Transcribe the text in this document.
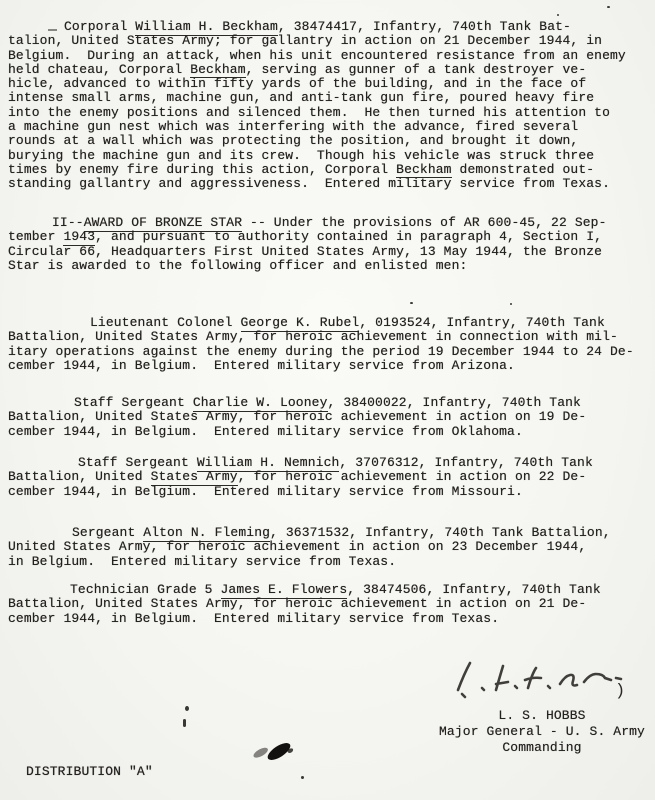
Corporal William H. Beckham, 38474417, Infantry, 740th Tank Bat-
talion, United States Army; for gallantry in action on 21 December 1944, in
Belgium.  During an attack, when his unit encountered resistance from an enemy
held chateau, Corporal Beckham, serving as gunner of a tank destroyer ve-
hicle, advanced to within fifty yards of the building, and in the face of
intense small arms, machine gun, and anti-tank gun fire, poured heavy fire
into the enemy positions and silenced them.  He then turned his attention to
a machine gun nest which was interfering with the advance, fired several
rounds at a wall which was protecting the position, and brought it down,
burying the machine gun and its crew.  Though his vehicle was struck three
times by enemy fire during this action, Corporal Beckham demonstrated out-
standing gallantry and aggressiveness.  Entered military service from Texas.
II--AWARD OF BRONZE STAR -- Under the provisions of AR 600-45, 22 Sep-
tember 1943, and pursuant to authority contained in paragraph 4, Section I,
Circular 66, Headquarters First United States Army, 13 May 1944, the Bronze
Star is awarded to the following officer and enlisted men:
Lieutenant Colonel George K. Rubel, 0193524, Infantry, 740th Tank
Battalion, United States Army, for heroic achievement in connection with mil-
itary operations against the enemy during the period 19 December 1944 to 24 De-
cember 1944, in Belgium.  Entered military service from Arizona.
Staff Sergeant Charlie W. Looney, 38400022, Infantry, 740th Tank
Battalion, United States Army, for heroic achievement in action on 19 De-
cember 1944, in Belgium.  Entered military service from Oklahoma.
Staff Sergeant William H. Nemnich, 37076312, Infantry, 740th Tank
Battalion, United States Army, for heroic achievement in action on 22 De-
cember 1944, in Belgium.  Entered military service from Missouri.
Sergeant Alton N. Fleming, 36371532, Infantry, 740th Tank Battalion,
United States Army, for heroic achievement in action on 23 December 1944,
in Belgium.  Entered military service from Texas.
Technician Grade 5 James E. Flowers, 38474506, Infantry, 740th Tank
Battalion, United States Army, for heroic achievement in action on 21 De-
cember 1944, in Belgium.  Entered military service from Texas.
)
L. S. HOBBS
Major General - U. S. Army
Commanding
DISTRIBUTION "A"
